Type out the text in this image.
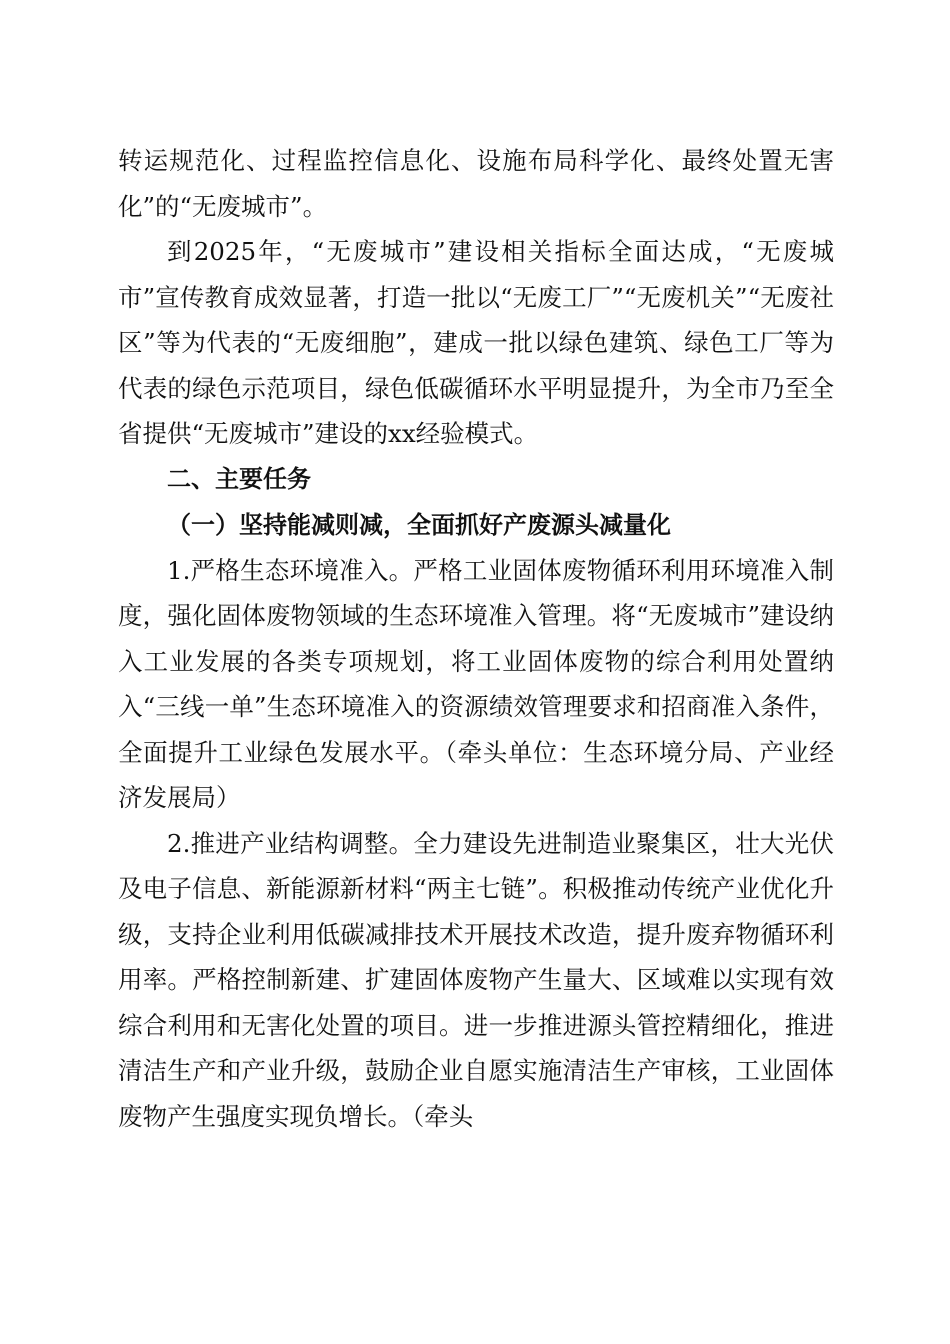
转运规范化、过程监控信息化、设施布局科学化、最终处置无害化”的“无废城市”。

到2025年，“无废城市”建设相关指标全面达成，“无废城市”宣传教育成效显著，打造一批以“无废工厂”“无废机关”“无废社区”等为代表的“无废细胞”，建成一批以绿色建筑、绿色工厂等为代表的绿色示范项目，绿色低碳循环水平明显提升，为全市乃至全省提供“无废城市”建设的xx经验模式。

二、主要任务

（一）坚持能减则减，全面抓好产废源头减量化

1.严格生态环境准入。严格工业固体废物循环利用环境准入制度，强化固体废物领域的生态环境准入管理。将“无废城市”建设纳入工业发展的各类专项规划，将工业固体废物的综合利用处置纳入“三线一单”生态环境准入的资源绩效管理要求和招商准入条件，全面提升工业绿色发展水平。（牵头单位：生态环境分局、产业经济发展局）

2.推进产业结构调整。全力建设先进制造业聚集区，壮大光伏及电子信息、新能源新材料“两主七链”。积极推动传统产业优化升级，支持企业利用低碳减排技术开展技术改造，提升废弃物循环利用率。严格控制新建、扩建固体废物产生量大、区域难以实现有效综合利用和无害化处置的项目。进一步推进源头管控精细化，推进清洁生产和产业升级，鼓励企业自愿实施清洁生产审核，工业固体废物产生强度实现负增长。（牵头
